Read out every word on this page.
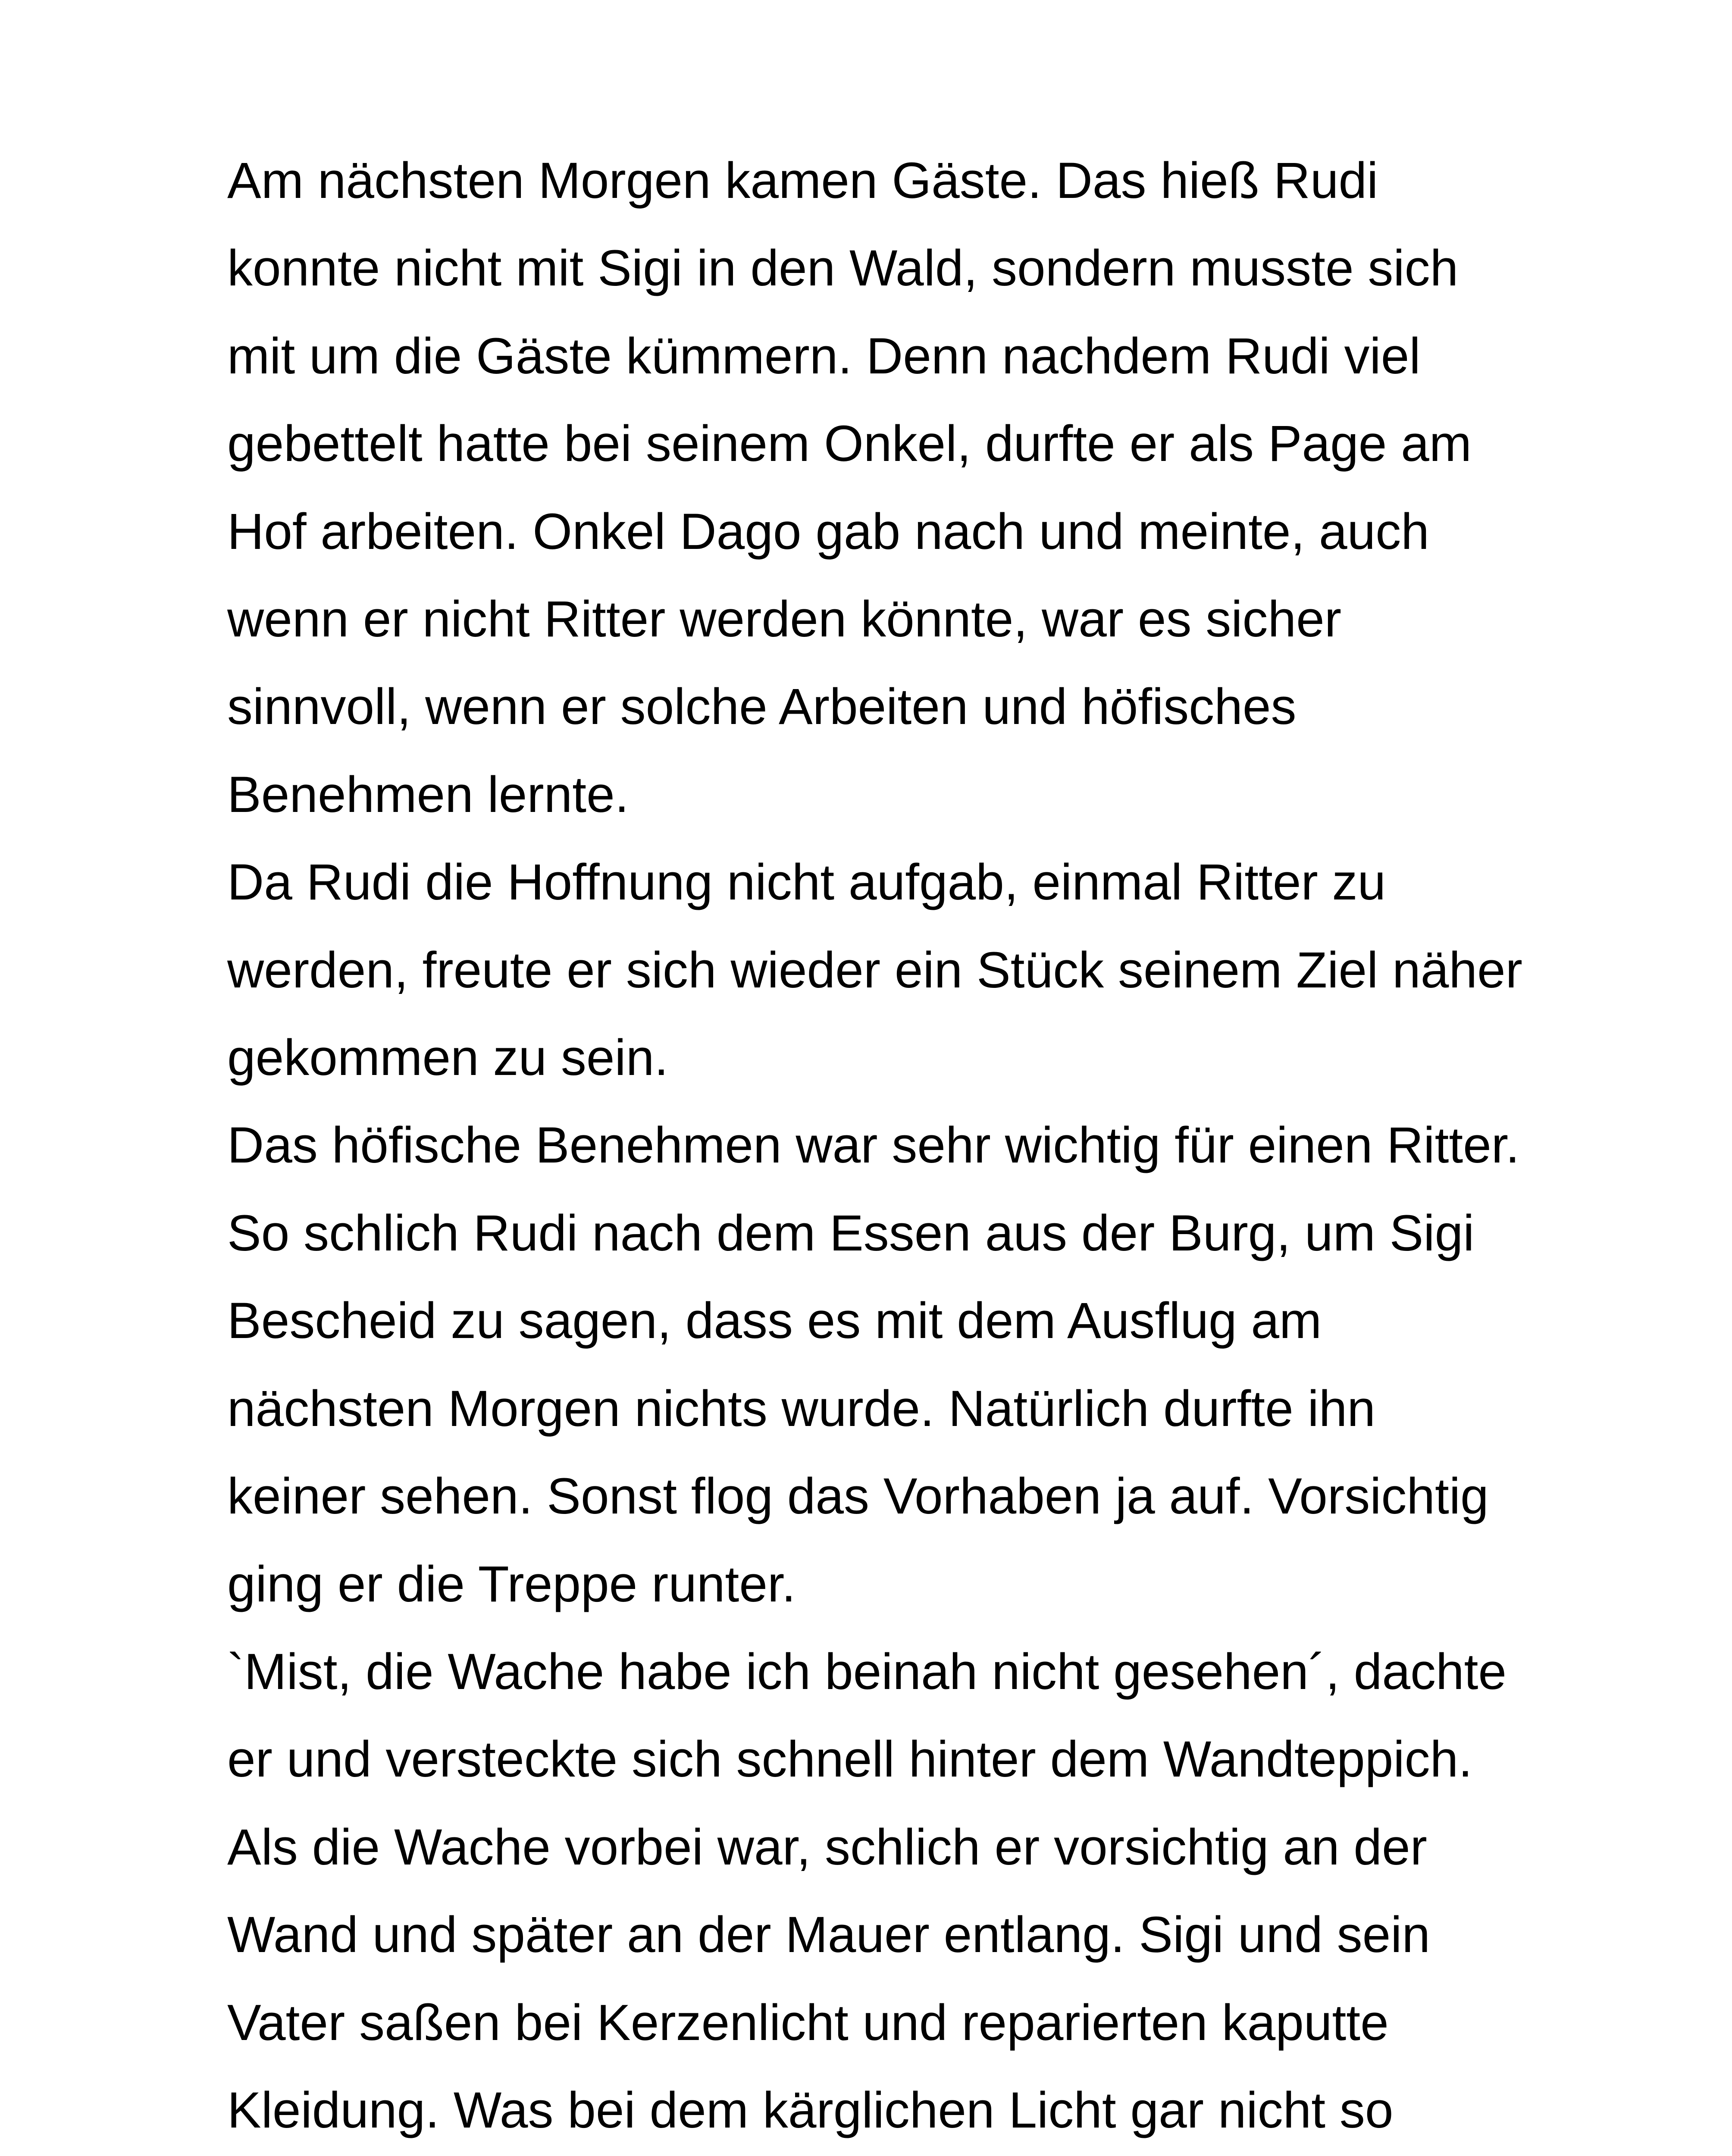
Am nächsten Morgen kamen Gäste. Das hieß Rudi
konnte nicht mit Sigi in den Wald, sondern musste sich
mit um die Gäste kümmern. Denn nachdem Rudi viel
gebettelt hatte bei seinem Onkel, durfte er als Page am
Hof arbeiten. Onkel Dago gab nach und meinte, auch
wenn er nicht Ritter werden könnte, war es sicher
sinnvoll, wenn er solche Arbeiten und höfisches
Benehmen lernte.
Da Rudi die Hoffnung nicht aufgab, einmal Ritter zu
werden, freute er sich wieder ein Stück seinem Ziel näher
gekommen zu sein.
Das höfische Benehmen war sehr wichtig für einen Ritter.
So schlich Rudi nach dem Essen aus der Burg, um Sigi
Bescheid zu sagen, dass es mit dem Ausflug am
nächsten Morgen nichts wurde. Natürlich durfte ihn
keiner sehen. Sonst flog das Vorhaben ja auf. Vorsichtig
ging er die Treppe runter.
`Mist, die Wache habe ich beinah nicht gesehen´, dachte
er und versteckte sich schnell hinter dem Wandteppich.
Als die Wache vorbei war, schlich er vorsichtig an der
Wand und später an der Mauer entlang. Sigi und sein
Vater saßen bei Kerzenlicht und reparierten kaputte
Kleidung. Was bei dem kärglichen Licht gar nicht so
